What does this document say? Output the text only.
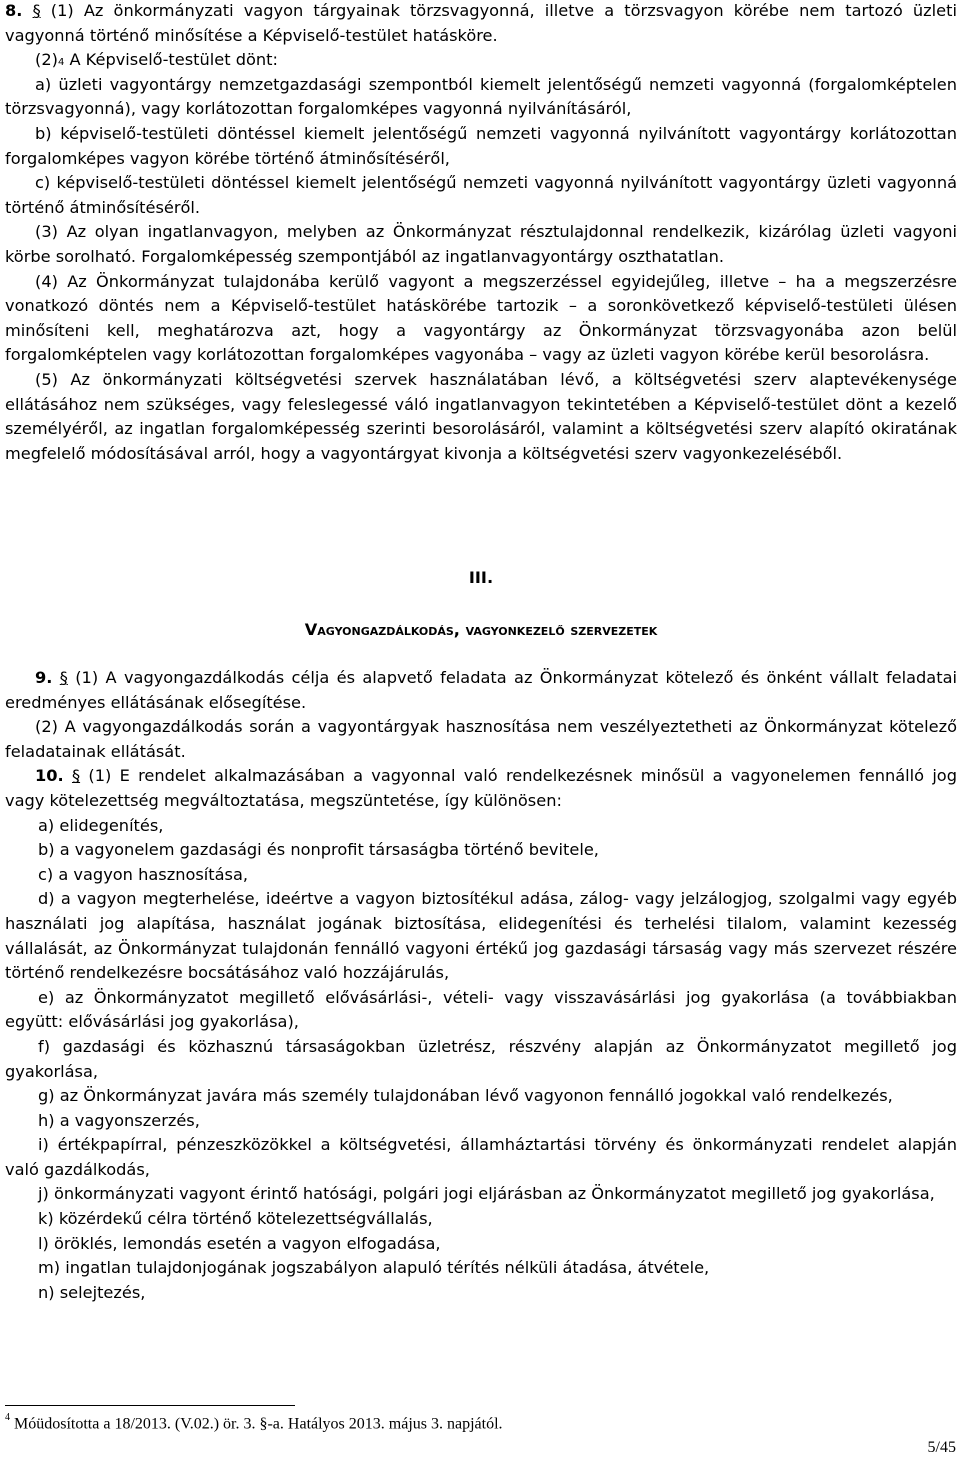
8. § (1) Az önkormányzati vagyon tárgyainak törzsvagyonná, illetve a törzsvagyon körébe nem tartozó üzleti vagyonná történő minősítése a Képviselő-testület hatásköre.

$(2)^4$ A Képviselő-testület dönt:

a) üzleti vagyontárgy nemzetgazdasági szempontból kiemelt jelentőségű nemzeti vagyonná (forgalomképtelen törzsvagyonná), vagy korlátozottan forgalomképes vagyonná nyilvánításáról,

b) képviselő-testületi döntéssel kiemelt jelentőségű nemzeti vagyonná nyilvánított vagyontárgy korlátozottan forgalomképes vagyon körébe történő átminősítéséről,

c) képviselő-testületi döntéssel kiemelt jelentőségű nemzeti vagyonná nyilvánított vagyontárgy üzleti vagyonná történő átminősítéséről.

(3) Az olyan ingatlanvagyon, melyben az Önkormányzat résztulajdonnal rendelkezik, kizárólag üzleti vagyoni körbe sorolható. Forgalomképesség szempontjából az ingatlanvagyontárgy oszthatatlan.

(4) Az Önkormányzat tulajdonába kerülő vagyont a megszerzéssel egyidejűleg, illetve – ha a megszerzésre vonatkozó döntés nem a Képviselő-testület hatáskörébe tartozik – a soronkövetkező képviselő-testületi ülésen minősíteni kell, meghatározva azt, hogy a vagyontárgy az Önkormányzat törzsvagyonába azon belül forgalomképtelen vagy korlátozottan forgalomképes vagyonába – vagy az üzleti vagyon körébe kerül besorolásra.

(5) Az önkormányzati költségvetési szervek használatában lévő, a költségvetési szerv alaptevékenysége ellátásához nem szükséges, vagy feleslegessé váló ingatlanvagyon tekintetében a Képviselő-testület dönt a kezelő személyéről, az ingatlan forgalomképesség szerinti besorolásáról, valamint a költségvetési szerv alapító okiratának megfelelő módosításával arról, hogy a vagyontárgyat kivonja a költségvetési szerv vagyonkezeléséből.

III.

Vagyongazdálkodás, vagyonkezelő szervezetek

9. § (1) A vagyongazdálkodás célja és alapvető feladata az Önkormányzat kötelező és önként vállalt feladatai eredményes ellátásának elősegítése.

(2) A vagyongazdálkodás során a vagyontárgyak hasznosítása nem veszélyeztetheti az Önkormányzat kötelező feladatainak ellátását.

10. § (1) E rendelet alkalmazásában a vagyonnal való rendelkezésnek minősül a vagyonelemen fennálló jog vagy kötelezettség megváltoztatása, megszüntetése, így különösen:

a) elidegenítés,

b) a vagyonelem gazdasági és nonprofit társaságba történő bevitele,

c) a vagyon hasznosítása,

d) a vagyon megterhelése, ideértve a vagyon biztosítékul adása, zálog- vagy jelzálogjog, szolgalmi vagy egyéb használati jog alapítása, használat jogának biztosítása, elidegenítési és terhelési tilalom, valamint kezesség vállalását, az Önkormányzat tulajdonán fennálló vagyoni értékű jog gazdasági társaság vagy más szervezet részére történő rendelkezésre bocsátásához való hozzájárulás,

e) az Önkormányzatot megillető elővásárlási-, vételi- vagy visszavásárlási jog gyakorlása (a továbbiakban együtt: elővásárlási jog gyakorlása),

f) gazdasági és közhasznú társaságokban üzletrész, részvény alapján az Önkormányzatot megillető jog gyakorlása,

g) az Önkormányzat javára más személy tulajdonában lévő vagyonon fennálló jogokkal való rendelkezés,

h) a vagyonszerzés,

i) értékpapírral, pénzeszközökkel a költségvetési, államháztartási törvény és önkormányzati rendelet alapján való gazdálkodás,

j) önkormányzati vagyont érintő hatósági, polgári jogi eljárásban az Önkormányzatot megillető jog gyakorlása,

k) közérdekű célra történő kötelezettségvállalás,

l) öröklés, lemondás esetén a vagyon elfogadása,

m) ingatlan tulajdonjogának jogszabályon alapuló térítés nélküli átadása, átvétele,

n) selejtezés,

$^4$ Móüdosította a 18/2013. (V.02.) ör. 3. §-a. Hatályos 2013. május 3. napjától.
5/45
